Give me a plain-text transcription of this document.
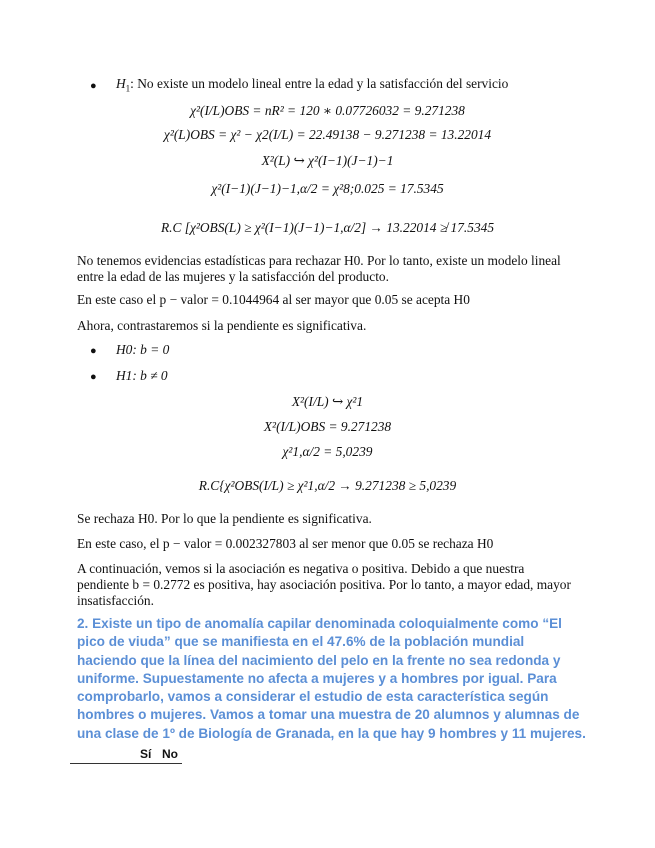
● $H_1$: No existe un modelo lineal entre la edad y la satisfacción del servicio
χ²(I/L)OBS = nR² = 120 ∗ 0.07726032 = 9.271238
χ²(L)OBS = χ² − χ2(I/L) = 22.49138 − 9.271238 = 13.22014
X²(L) ↪ χ²(I−1)(J−1)−1
χ²(I−1)(J−1)−1,α/2 = χ²8;0.025 = 17.5345
R.C [χ²OBS(L) ≥ χ²(I−1)(J−1)−1,α/2] → 13.22014 ≱ 17.5345
No tenemos evidencias estadísticas para rechazar H0. Por lo tanto, existe un modelo lineal entre la edad de las mujeres y la satisfacción del producto.
En este caso el p − valor = 0.1044964 al ser mayor que 0.05 se acepta H0
Ahora, contrastaremos si la pendiente es significativa.
● H0: b = 0
● H1: b ≠ 0
X²(I/L) ↪ χ²1
X²(I/L)OBS = 9.271238
χ²1,α/2 = 5,0239
R.C{χ²OBS(I/L) ≥ χ²1,α/2 → 9.271238 ≥ 5,0239
Se rechaza H0. Por lo que la pendiente es significativa.
En este caso, el p − valor = 0.002327803 al ser menor que 0.05 se rechaza H0
A continuación, vemos si la asociación es negativa o positiva. Debido a que nuestra pendiente b = 0.2772 es positiva, hay asociación positiva. Por lo tanto, a mayor edad, mayor insatisfacción.
2. Existe un tipo de anomalía capilar denominada coloquialmente como “El pico de viuda” que se manifiesta en el 47.6% de la población mundial haciendo que la línea del nacimiento del pelo en la frente no sea redonda y uniforme. Supuestamente no afecta a mujeres y a hombres por igual. Para comprobarlo, vamos a considerar el estudio de esta característica según hombres o mujeres. Vamos a tomar una muestra de 20 alumnos y alumnas de una clase de 1º de Biología de Granada, en la que hay 9 hombres y 11 mujeres.
Sí No
